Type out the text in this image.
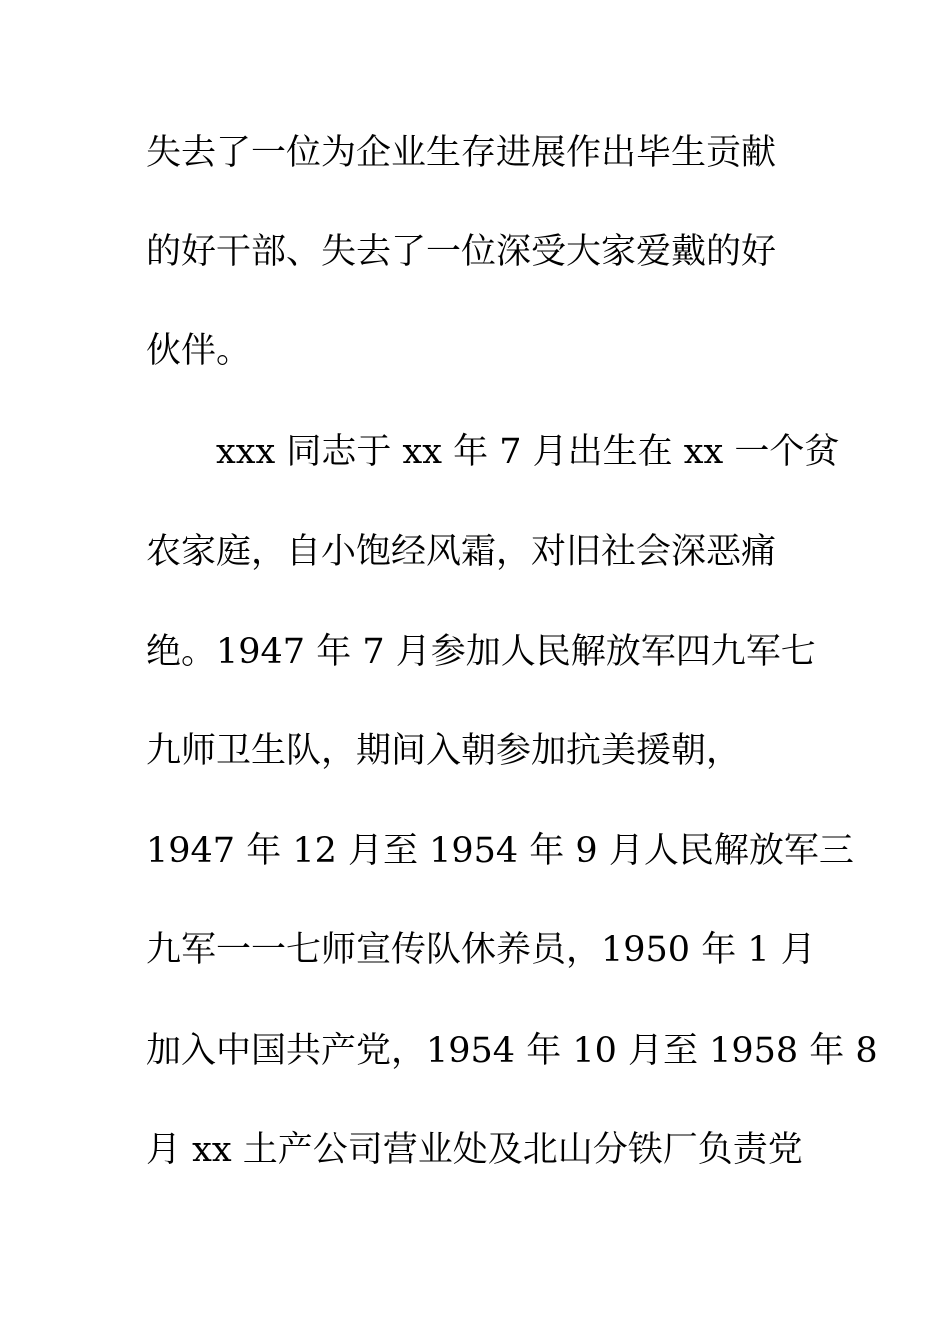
失去了一位为企业生存进展作出毕生贡献
的好干部、失去了一位深受大家爱戴的好
伙伴。
xxx 同志于 xx 年 7 月出生在 xx 一个贫
农家庭，自小饱经风霜，对旧社会深恶痛
绝。1947 年 7 月参加人民解放军四九军七
九师卫生队，期间入朝参加抗美援朝，
1947 年 12 月至 1954 年 9 月人民解放军三
九军一一七师宣传队休养员，1950 年 1 月
加入中国共产党，1954 年 10 月至 1958 年 8
月 xx 土产公司营业处及北山分铁厂负责党
